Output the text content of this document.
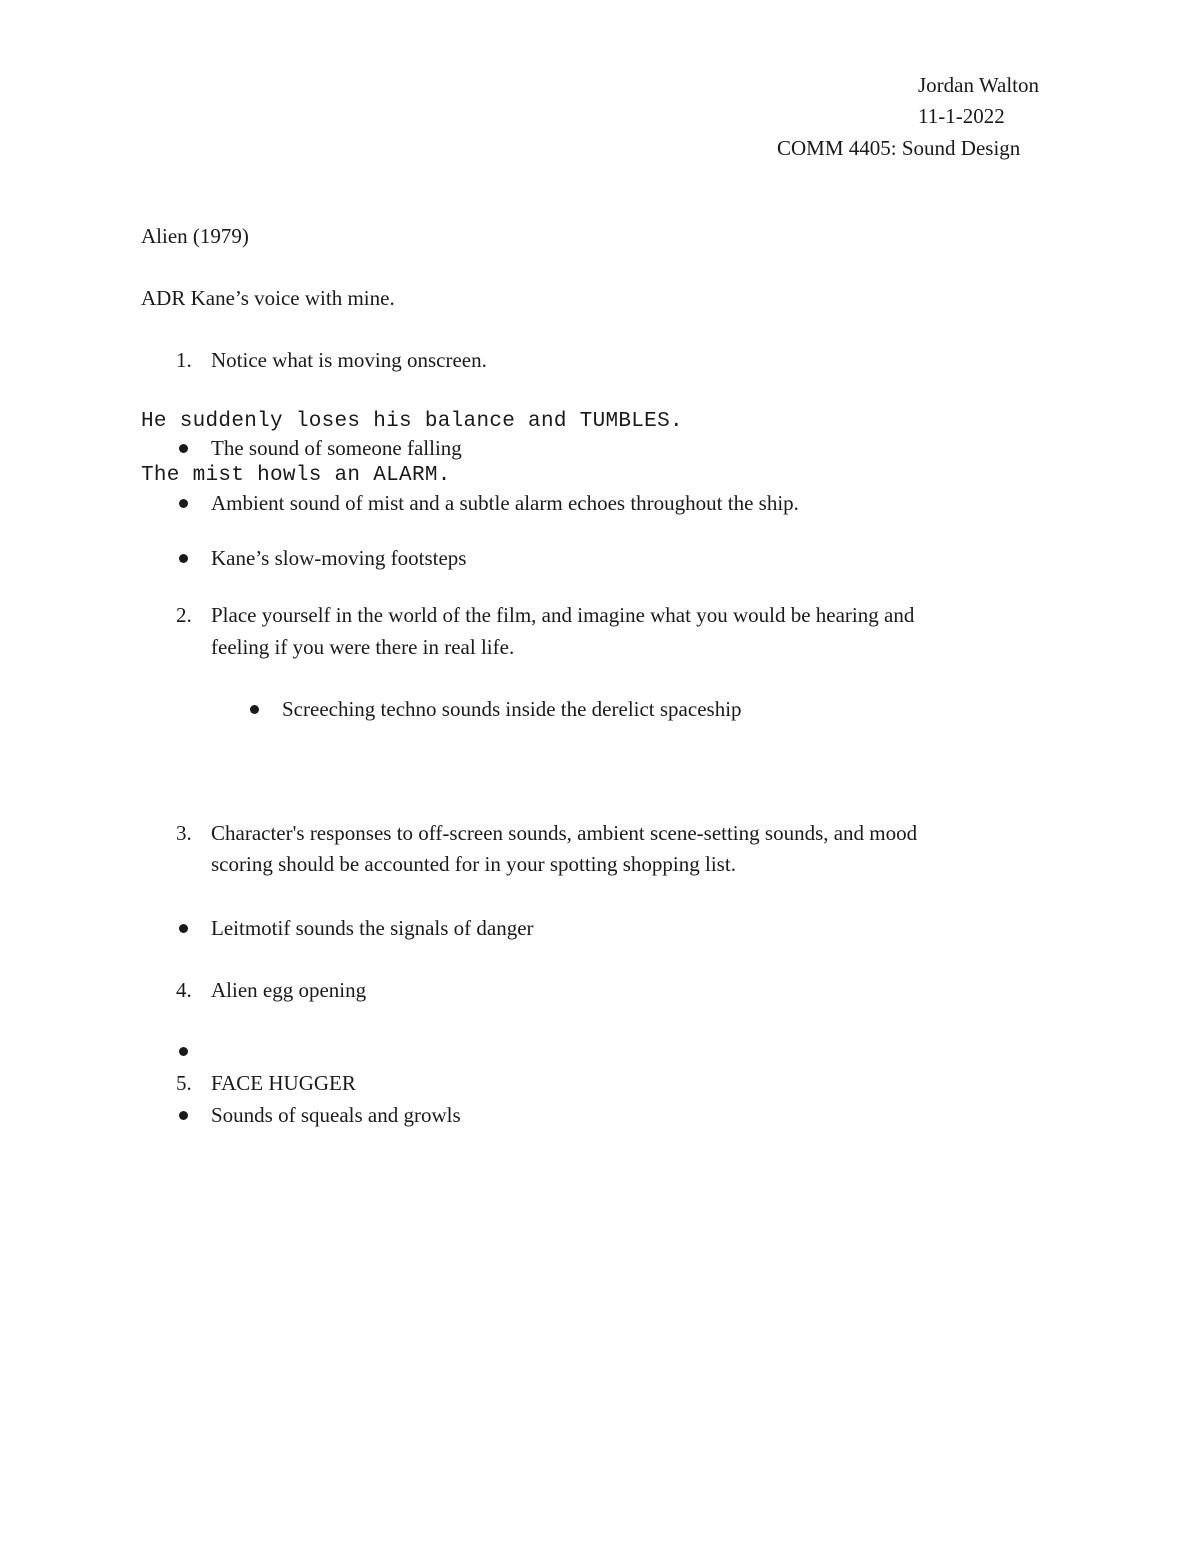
Jordan Walton
11-1-2022
COMM 4405: Sound Design
Alien (1979)
ADR Kane’s voice with mine.
1. Notice what is moving onscreen.
He suddenly loses his balance and TUMBLES.
The sound of someone falling
The mist howls an ALARM.
Ambient sound of mist and a subtle alarm echoes throughout the ship.
Kane’s slow-moving footsteps
2. Place yourself in the world of the film, and imagine what you would be hearing and
feeling if you were there in real life.
Screeching techno sounds inside the derelict spaceship
3. Character's responses to off-screen sounds, ambient scene-setting sounds, and mood
scoring should be accounted for in your spotting shopping list.
Leitmotif sounds the signals of danger
4. Alien egg opening
5. FACE HUGGER
Sounds of squeals and growls
